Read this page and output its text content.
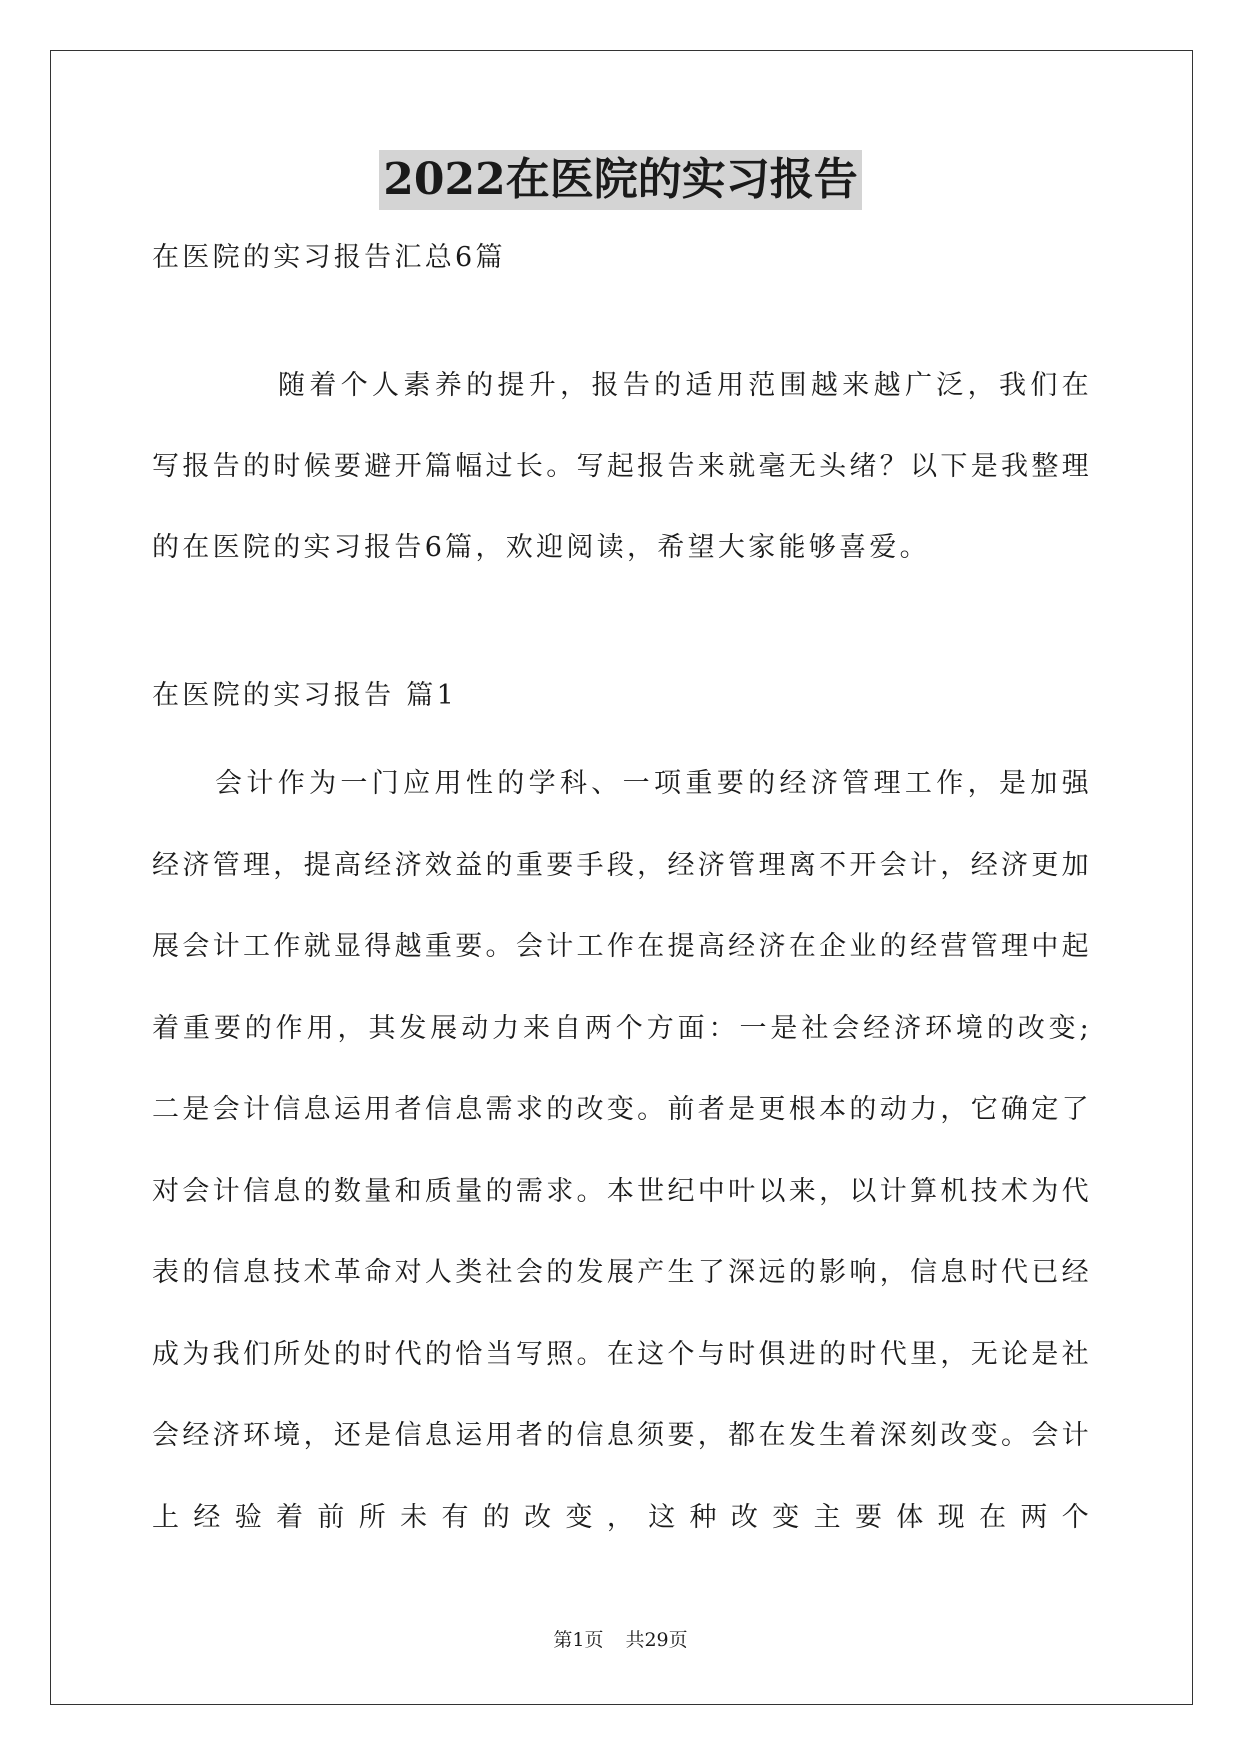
2022在医院的实习报告

在医院的实习报告汇总6篇

随着个人素养的提升，报告的适用范围越来越广泛，我们在写报告的时候要避开篇幅过长。写起报告来就毫无头绪？以下是我整理的在医院的实习报告6篇，欢迎阅读，希望大家能够喜爱。

在医院的实习报告 篇1

会计作为一门应用性的学科、一项重要的经济管理工作，是加强经济管理，提高经济效益的重要手段，经济管理离不开会计，经济更加展会计工作就显得越重要。会计工作在提高经济在企业的经营管理中起着重要的作用，其发展动力来自两个方面：一是社会经济环境的改变;二是会计信息运用者信息需求的改变。前者是更根本的动力，它确定了对会计信息的数量和质量的需求。本世纪中叶以来，以计算机技术为代表的信息技术革命对人类社会的发展产生了深远的影响，信息时代已经成为我们所处的时代的恰当写照。在这个与时俱进的时代里，无论是社会经济环境，还是信息运用者的信息须要，都在发生着深刻改变。会计上经验着前所未有的改变，这种改变主要体现在两个

第1页 共29页
